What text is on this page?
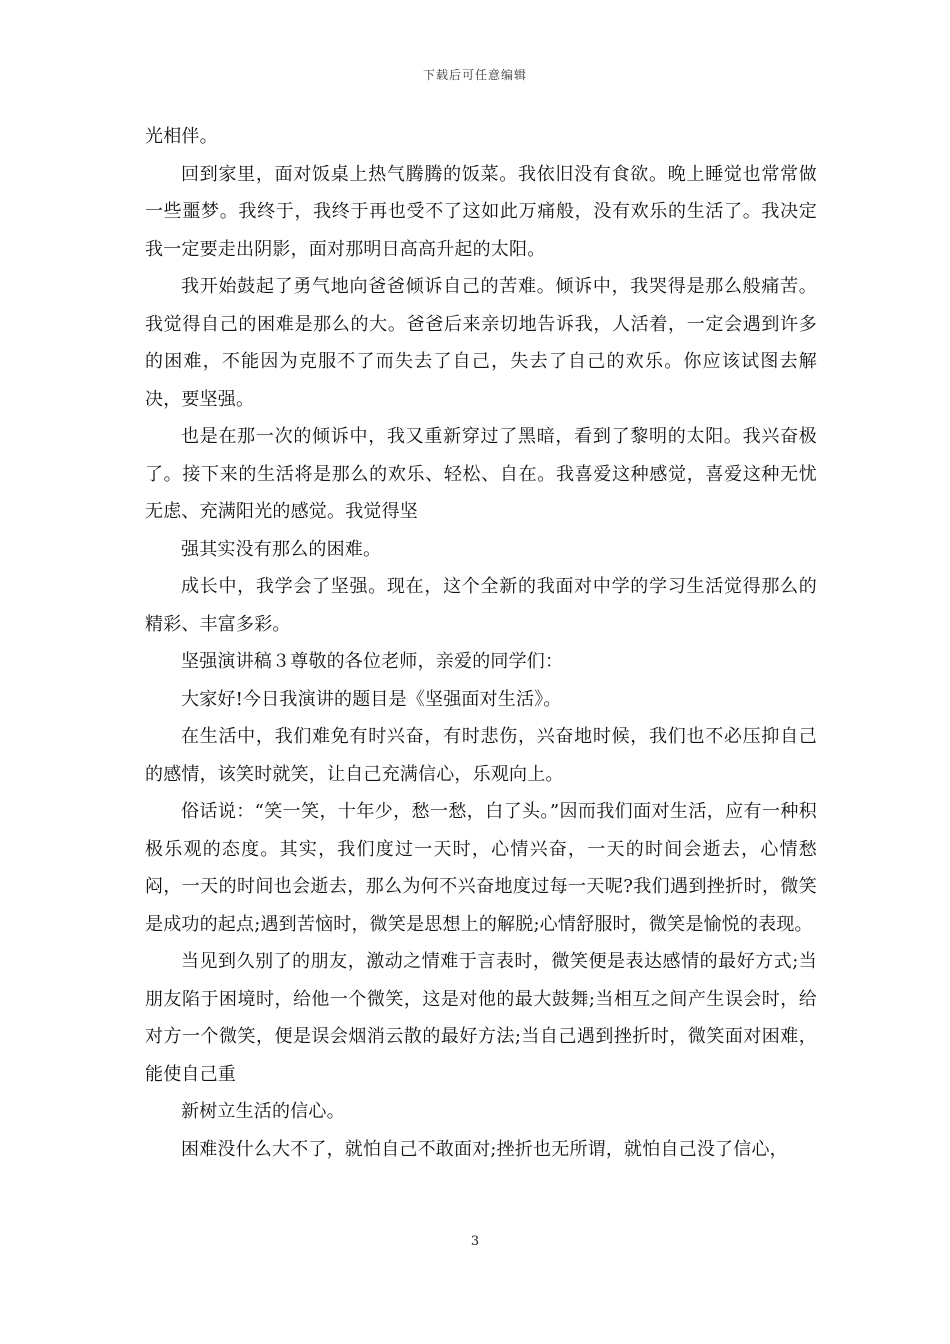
下载后可任意编辑

光相伴。

回到家里，面对饭桌上热气腾腾的饭菜。我依旧没有食欲。晚上睡觉也常常做一些噩梦。我终于，我终于再也受不了这如此万痛般，没有欢乐的生活了。我决定我一定要走出阴影，面对那明日高高升起的太阳。

我开始鼓起了勇气地向爸爸倾诉自己的苦难。倾诉中，我哭得是那么般痛苦。我觉得自己的困难是那么的大。爸爸后来亲切地告诉我，人活着，一定会遇到许多的困难，不能因为克服不了而失去了自己，失去了自己的欢乐。你应该试图去解决，要坚强。

也是在那一次的倾诉中，我又重新穿过了黑暗，看到了黎明的太阳。我兴奋极了。接下来的生活将是那么的欢乐、轻松、自在。我喜爱这种感觉，喜爱这种无忧无虑、充满阳光的感觉。我觉得坚

强其实没有那么的困难。

成长中，我学会了坚强。现在，这个全新的我面对中学的学习生活觉得那么的精彩、丰富多彩。

坚强演讲稿３尊敬的各位老师，亲爱的同学们：

大家好!今日我演讲的题目是《坚强面对生活》。

在生活中，我们难免有时兴奋，有时悲伤，兴奋地时候，我们也不必压抑自己的感情，该笑时就笑，让自己充满信心，乐观向上。

俗话说：“笑一笑，十年少，愁一愁，白了头。”因而我们面对生活，应有一种积极乐观的态度。其实，我们度过一天时，心情兴奋，一天的时间会逝去，心情愁闷，一天的时间也会逝去，那么为何不兴奋地度过每一天呢?我们遇到挫折时，微笑是成功的起点;遇到苦恼时，微笑是思想上的解脱;心情舒服时，微笑是愉悦的表现。

当见到久别了的朋友，激动之情难于言表时，微笑便是表达感情的最好方式;当朋友陷于困境时，给他一个微笑，这是对他的最大鼓舞;当相互之间产生误会时，给对方一个微笑，便是误会烟消云散的最好方法;当自己遇到挫折时，微笑面对困难，能使自己重

新树立生活的信心。

困难没什么大不了，就怕自己不敢面对;挫折也无所谓，就怕自己没了信心，

3
